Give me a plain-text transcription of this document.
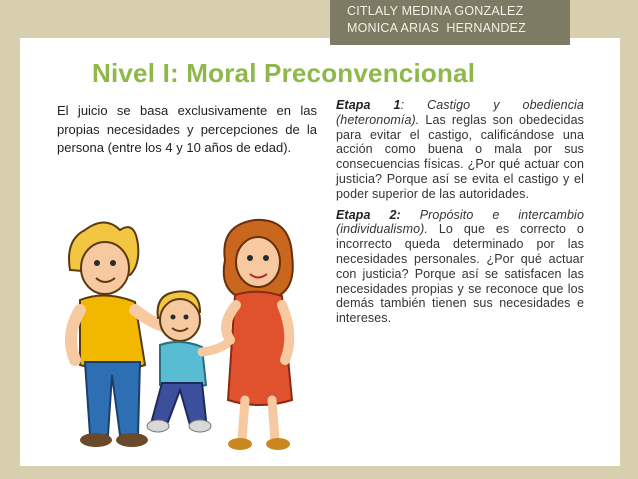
CITLALY MEDINA GONZALEZ
MONICA ARIAS  HERNANDEZ
Nivel I: Moral Preconvencional
El juicio se basa exclusivamente en las propias necesidades y percepciones de la persona (entre los 4 y 10 años de edad).

Etapa 1: Castigo y obediencia (heteronomía). Las reglas son obedecidas para evitar el castigo, calificándose una acción como buena o mala por sus consecuencias físicas. ¿Por qué actuar con justicia? Porque así se evita el castigo y el poder superior de las autoridades.

Etapa 2: Propósito e intercambio (individualismo). Lo que es correcto o incorrecto queda determinado por las necesidades personales. ¿Por qué actuar con justicia? Porque así se satisfacen las necesidades propias y se reconoce que los demás también tienen sus necesidades e intereses.
